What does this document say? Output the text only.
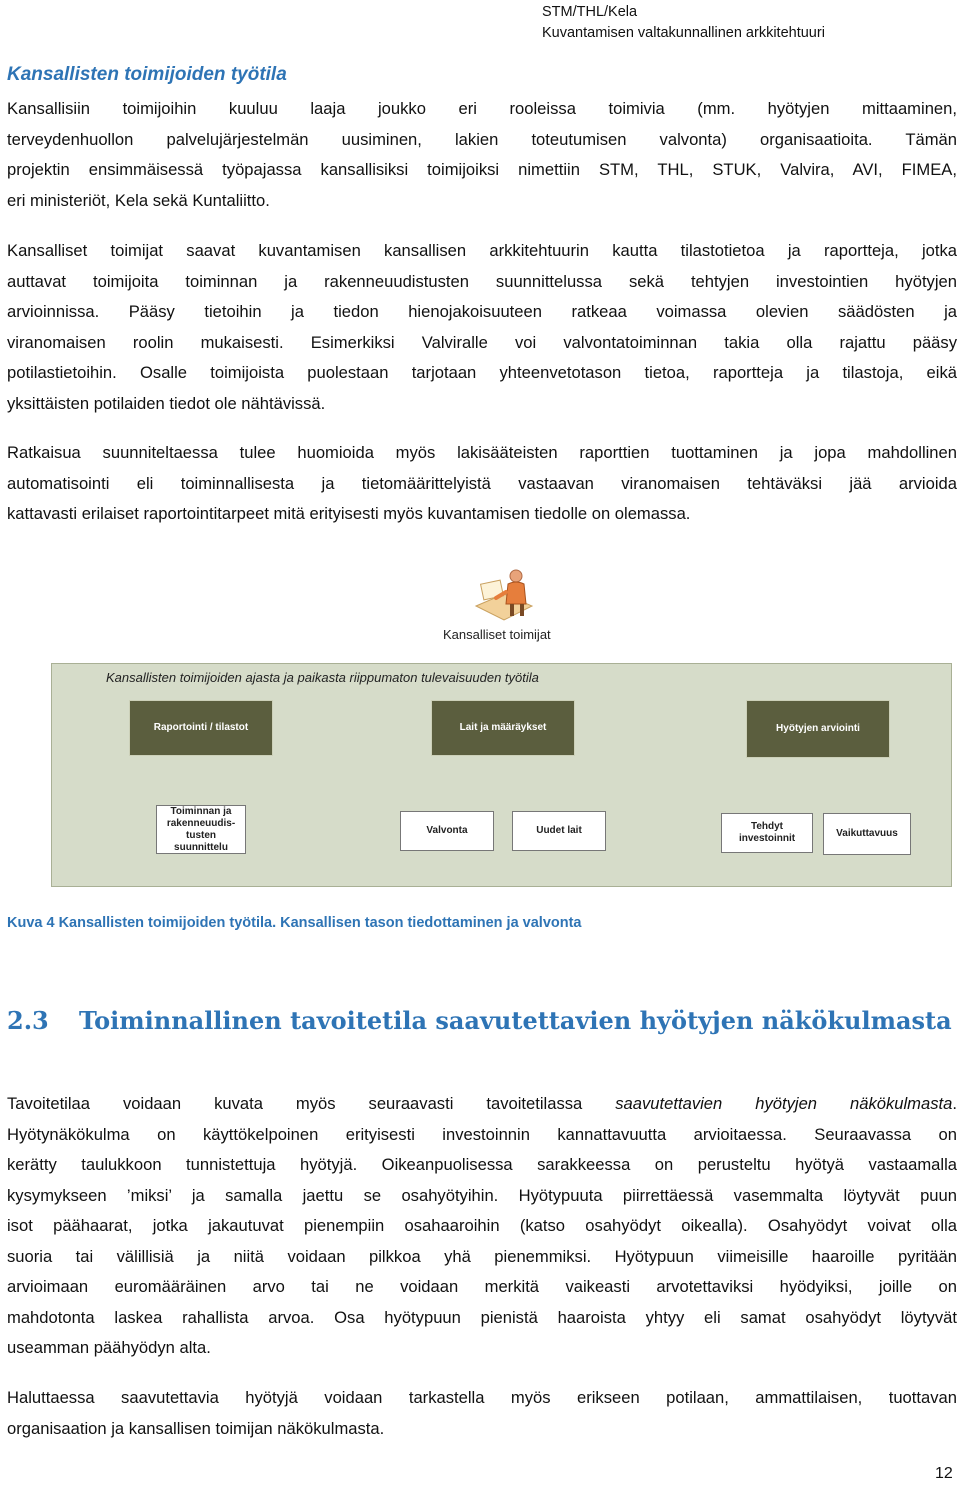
STM/THL/Kela
Kuvantamisen valtakunnallinen arkkitehtuuri
Kansallisten toimijoiden työtila
Kansallisiin toimijoihin kuuluu laaja joukko eri rooleissa toimivia (mm. hyötyjen mittaaminen,
terveydenhuollon palvelujärjestelmän uusiminen, lakien toteutumisen valvonta) organisaatioita. Tämän
projektin ensimmäisessä työpajassa kansallisiksi toimijoiksi nimettiin STM, THL, STUK, Valvira, AVI, FIMEA,
eri ministeriöt, Kela sekä Kuntaliitto.
Kansalliset toimijat saavat kuvantamisen kansallisen arkkitehtuurin kautta tilastotietoa ja raportteja, jotka
auttavat toimijoita toiminnan ja rakenneuudistusten suunnittelussa sekä tehtyjen investointien hyötyjen
arvioinnissa. Pääsy tietoihin ja tiedon hienojakoisuuteen ratkeaa voimassa olevien säädösten ja
viranomaisen roolin mukaisesti. Esimerkiksi Valviralle voi valvontatoiminnan takia olla rajattu pääsy
potilastietoihin. Osalle toimijoista puolestaan tarjotaan yhteenvetotason tietoa, raportteja ja tilastoja, eikä
yksittäisten potilaiden tiedot ole nähtävissä.
Ratkaisua suunniteltaessa tulee huomioida myös lakisääteisten raporttien tuottaminen ja jopa mahdollinen
automatisointi eli toiminnallisesta ja tietomäärittelyistä vastaavan viranomaisen tehtäväksi jää arvioida
kattavasti erilaiset raportointitarpeet mitä erityisesti myös kuvantamisen tiedolle on olemassa.
Kansalliset toimijat
Kansallisten toimijoiden ajasta ja paikasta riippumaton tulevaisuuden työtila
Raportointi / tilastot	Lait ja määräykset	Hyötyjen arviointi
Toiminnan ja rakenneuudis-tusten suunnittelu
Valvonta	Uudet lait	Tehdyt investoinnit	Vaikuttavuus
Kuva 4 Kansallisten toimijoiden työtila. Kansallisen tason tiedottaminen ja valvonta
2.3 Toiminnallinen tavoitetila saavutettavien hyötyjen näkökulmasta
Tavoitetilaa voidaan kuvata myös seuraavasti tavoitetilassa saavutettavien hyötyjen näkökulmasta.
Hyötynäkökulma on käyttökelpoinen erityisesti investoinnin kannattavuutta arvioitaessa. Seuraavassa on
kerätty taulukkoon tunnistettuja hyötyjä. Oikeanpuolisessa sarakkeessa on perusteltu hyötyä vastaamalla
kysymykseen ’miksi’ ja samalla jaettu se osahyötyihin. Hyötypuuta piirrettäessä vasemmalta löytyvät puun
isot päähaarat, jotka jakautuvat pienempiin osahaaroihin (katso osahyödyt oikealla). Osahyödyt voivat olla
suoria tai välillisiä ja niitä voidaan pilkkoa yhä pienemmiksi. Hyötypuun viimeisille haaroille pyritään
arvioimaan euromääräinen arvo tai ne voidaan merkitä vaikeasti arvotettaviksi hyödyiksi, joille on
mahdotonta laskea rahallista arvoa. Osa hyötypuun pienistä haaroista yhtyy eli samat osahyödyt löytyvät
useamman päähyödyn alta.
Haluttaessa saavutettavia hyötyjä voidaan tarkastella myös erikseen potilaan, ammattilaisen, tuottavan
organisaation ja kansallisen toimijan näkökulmasta.
12
